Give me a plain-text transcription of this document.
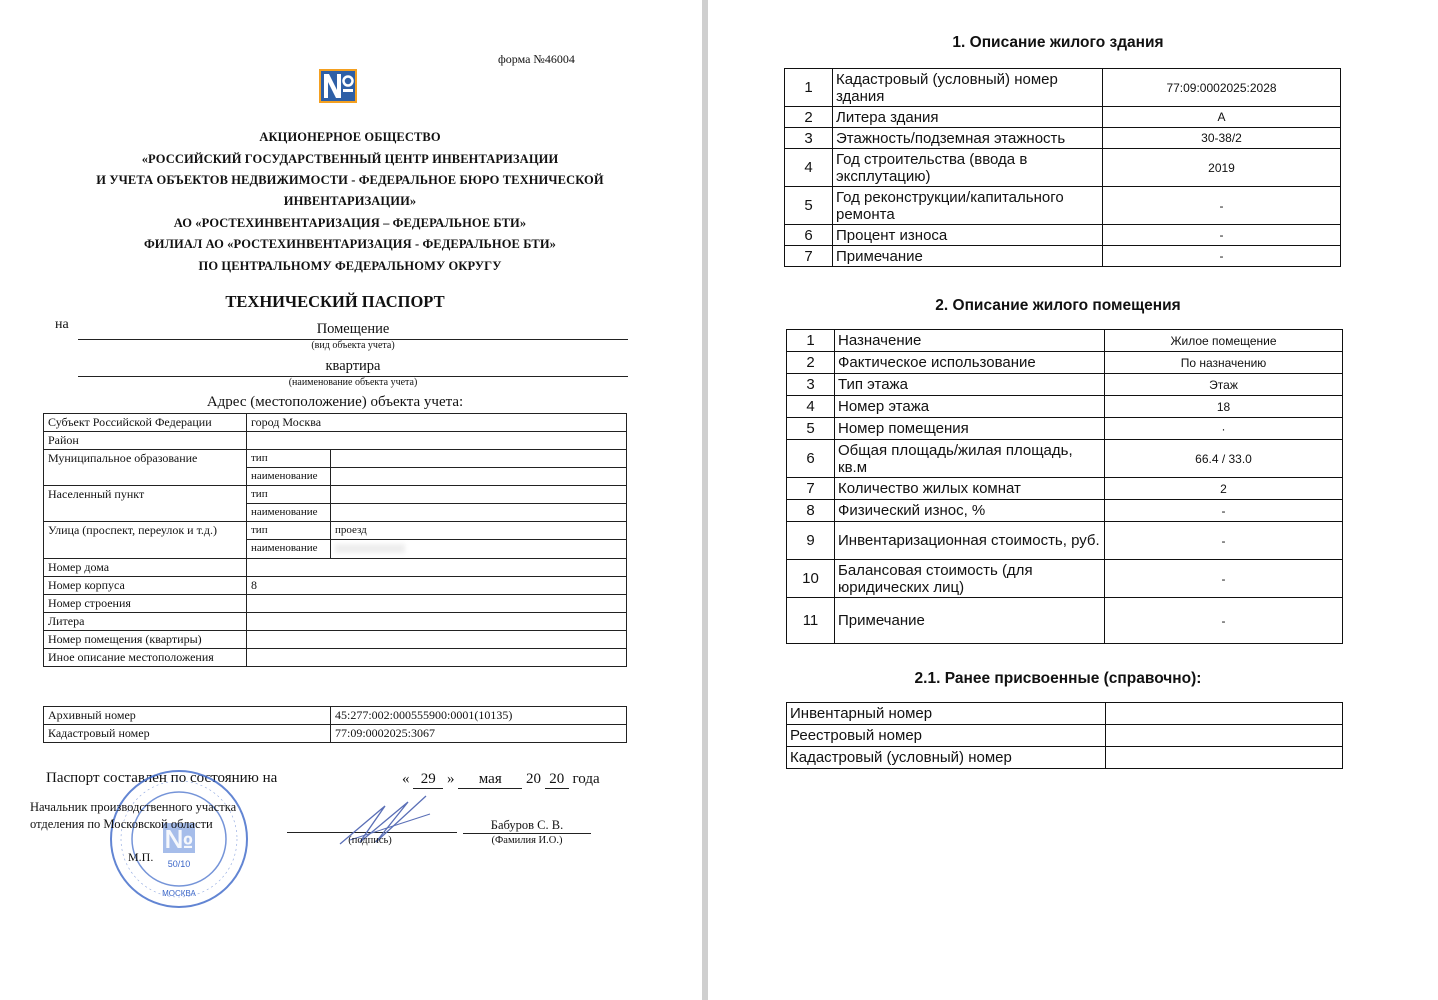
форма №46004
АКЦИОНЕРНОЕ ОБЩЕСТВО
«РОССИЙСКИЙ ГОСУДАРСТВЕННЫЙ ЦЕНТР ИНВЕНТАРИЗАЦИИ
И УЧЕТА ОБЪЕКТОВ НЕДВИЖИМОСТИ - ФЕДЕРАЛЬНОЕ БЮРО ТЕХНИЧЕСКОЙ
ИНВЕНТАРИЗАЦИИ»
АО «РОСТЕХИНВЕНТАРИЗАЦИЯ – ФЕДЕРАЛЬНОЕ БТИ»
ФИЛИАЛ АО «РОСТЕХИНВЕНТАРИЗАЦИЯ - ФЕДЕРАЛЬНОЕ БТИ»
ПО ЦЕНТРАЛЬНОМУ ФЕДЕРАЛЬНОМУ ОКРУГУ
ТЕХНИЧЕСКИЙ ПАСПОРТ
на	Помещение
(вид объекта учета)
квартира
(наименование объекта учета)
Адрес (местоположение) объекта учета:
Субъект Российской Федерации	город Москва	
Район		
Муниципальное образование	тип	
	наименование	
Населенный пункт	тип	
	наименование	
Улица (проспект, переулок и т.д.)	тип	проезд
	наименование	
Номер дома		
Номер корпуса	8	
Номер строения		
Литера		
Номер помещения (квартиры)		
Иное описание местоположения		
Архивный номер	45:277:002:000555900:0001(10135)
Кадастровый номер	77:09:0002025:3067
Паспорт составлен по состоянию на	« 29 » мая 20 20 года
№
50/10
МОСКВА
Начальник производственного участка
отделения по Московской области
М.П.
(подпись)
Бабуров С. В.
(Фамилия И.О.)
1. Описание жилого здания
1	Кадастровый (условный) номер здания	77:09:0002025:2028
2	Литера здания	А
3	Этажность/подземная этажность	30-38/2
4	Год строительства (ввода в эксплутацию)	2019
5	Год реконструкции/капитального ремонта	-
6	Процент износа	-
7	Примечание	-
2. Описание жилого помещения
1	Назначение	Жилое помещение
2	Фактическое использование	По назначению
3	Тип этажа	Этаж
4	Номер этажа	18
5	Номер помещения	·
6	Общая площадь/жилая площадь, кв.м	66.4 / 33.0
7	Количество жилых комнат	2
8	Физический износ, %	-
9	Инвентаризационная стоимость, руб.	-
10	Балансовая стоимость (для юридических лиц)	-
11	Примечание	-
2.1. Ранее присвоенные (справочно):
Инвентарный номер	
Реестровый номер	
Кадастровый (условный) номер	
